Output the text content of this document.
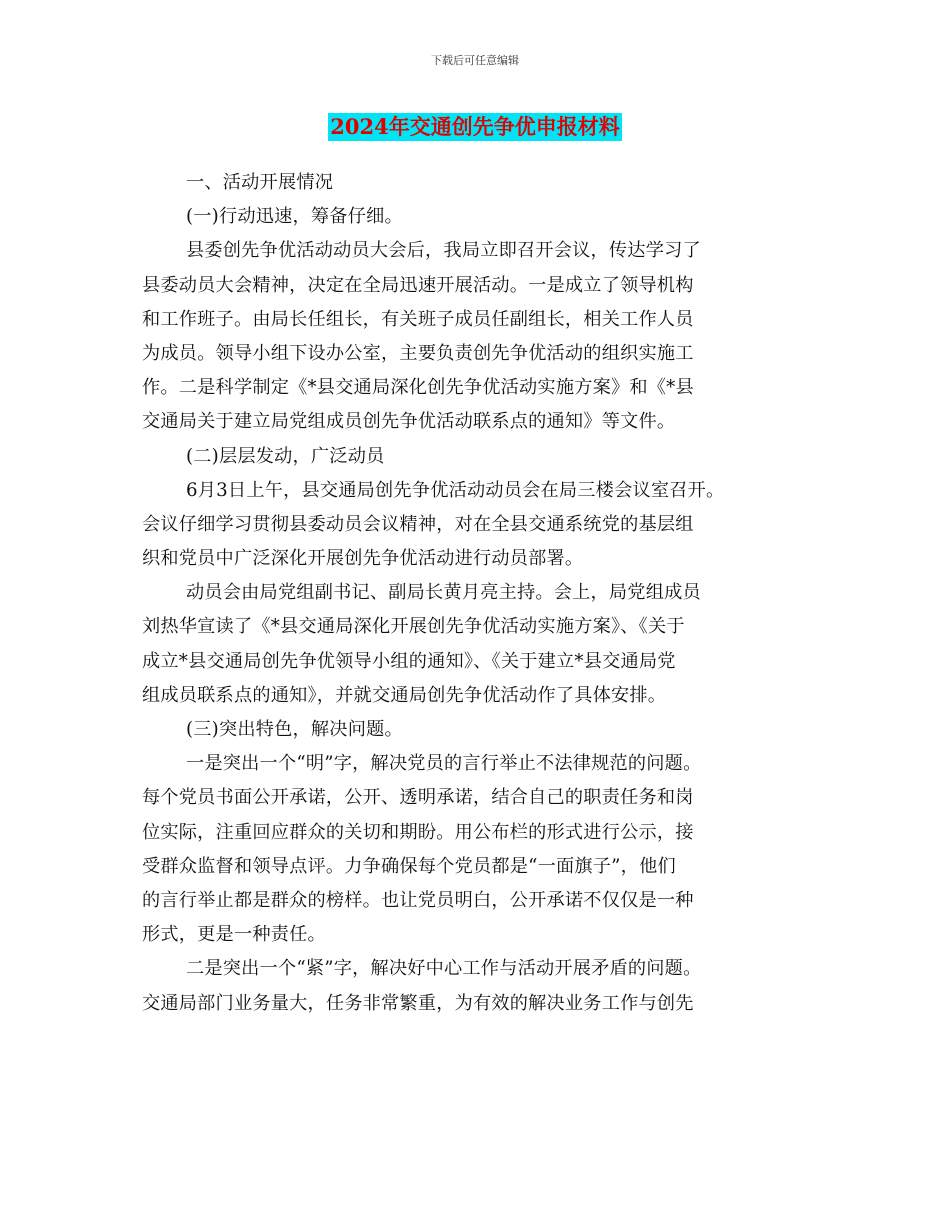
下载后可任意编辑
2024年交通创先争优申报材料
一、活动开展情况
(一)行动迅速，筹备仔细。
县委创先争优活动动员大会后，我局立即召开会议，传达学习了
县委动员大会精神，决定在全局迅速开展活动。一是成立了领导机构
和工作班子。由局长任组长，有关班子成员任副组长，相关工作人员
为成员。领导小组下设办公室，主要负责创先争优活动的组织实施工
作。二是科学制定《*县交通局深化创先争优活动实施方案》和《*县
交通局关于建立局党组成员创先争优活动联系点的通知》等文件。
(二)层层发动，广泛动员
6月3日上午，县交通局创先争优活动动员会在局三楼会议室召开。
会议仔细学习贯彻县委动员会议精神，对在全县交通系统党的基层组
织和党员中广泛深化开展创先争优活动进行动员部署。
动员会由局党组副书记、副局长黄月亮主持。会上，局党组成员
刘热华宣读了《*县交通局深化开展创先争优活动实施方案》、《关于
成立*县交通局创先争优领导小组的通知》、《关于建立*县交通局党
组成员联系点的通知》，并就交通局创先争优活动作了具体安排。
(三)突出特色，解决问题。
一是突出一个“明”字，解决党员的言行举止不法律规范的问题。
每个党员书面公开承诺，公开、透明承诺，结合自己的职责任务和岗
位实际，注重回应群众的关切和期盼。用公布栏的形式进行公示，接
受群众监督和领导点评。力争确保每个党员都是“一面旗子”，他们
的言行举止都是群众的榜样。也让党员明白，公开承诺不仅仅是一种
形式，更是一种责任。
二是突出一个“紧”字，解决好中心工作与活动开展矛盾的问题。
交通局部门业务量大，任务非常繁重，为有效的解决业务工作与创先
